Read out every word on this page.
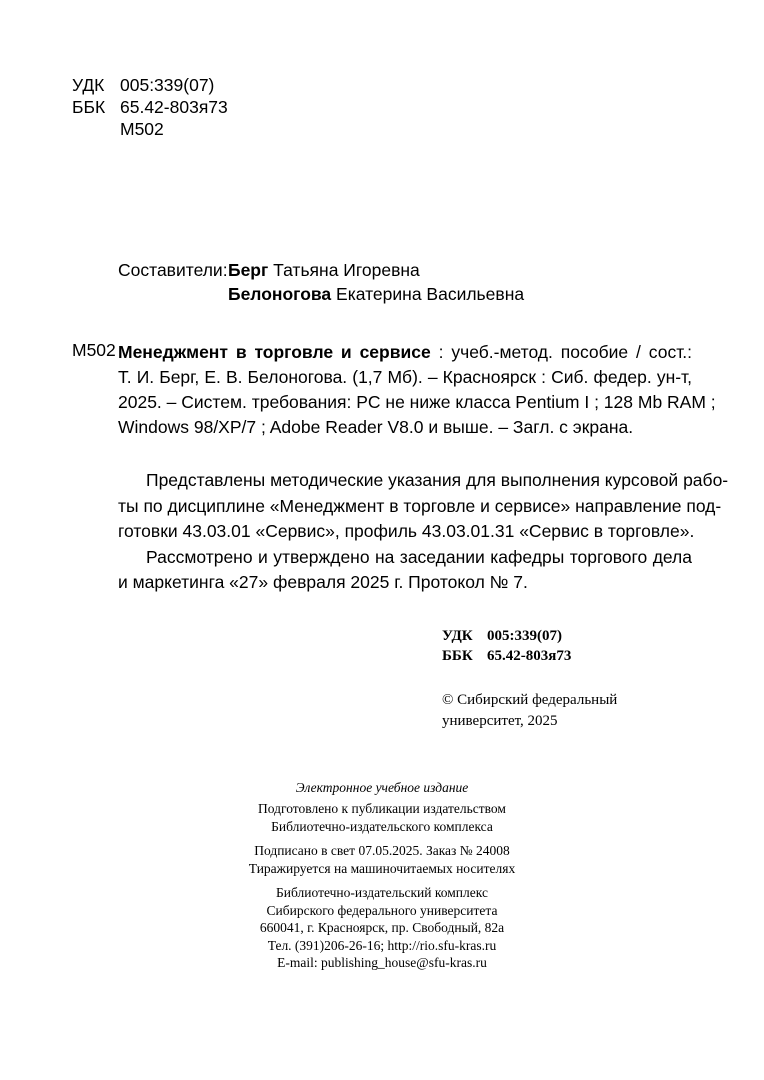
УДК 005:339(07)
ББК 65.42-803я73
М502
Составители: Берг Татьяна Игоревна
Белоногова Екатерина Васильевна
М502 Менеджмент в торговле и сервисе : учеб.-метод. пособие / сост.:
Т. И. Берг, Е. В. Белоногова. (1,7 Мб). – Красноярск : Сиб. федер. ун-т,
2025. – Систем. требования: PC не ниже класса Pentium I ; 128 Mb RAM ;
Windows 98/XP/7 ; Adobe Reader V8.0 и выше. – Загл. с экрана.
Представлены методические указания для выполнения курсовой рабо-
ты по дисциплине «Менеджмент в торговле и сервисе» направление под-
готовки 43.03.01 «Сервис», профиль 43.03.01.31 «Сервис в торговле».
Рассмотрено и утверждено на заседании кафедры торгового дела
и маркетинга «27» февраля 2025 г. Протокол № 7.
УДК 005:339(07)
ББК 65.42-803я73
© Сибирский федеральный
университет, 2025
Электронное учебное издание
Подготовлено к публикации издательством
Библиотечно-издательского комплекса
Подписано в свет 07.05.2025. Заказ № 24008
Тиражируется на машиночитаемых носителях
Библиотечно-издательский комплекс
Сибирского федерального университета
660041, г. Красноярск, пр. Свободный, 82а
Тел. (391)206-26-16; http://rio.sfu-kras.ru
E-mail: publishing_house@sfu-kras.ru
